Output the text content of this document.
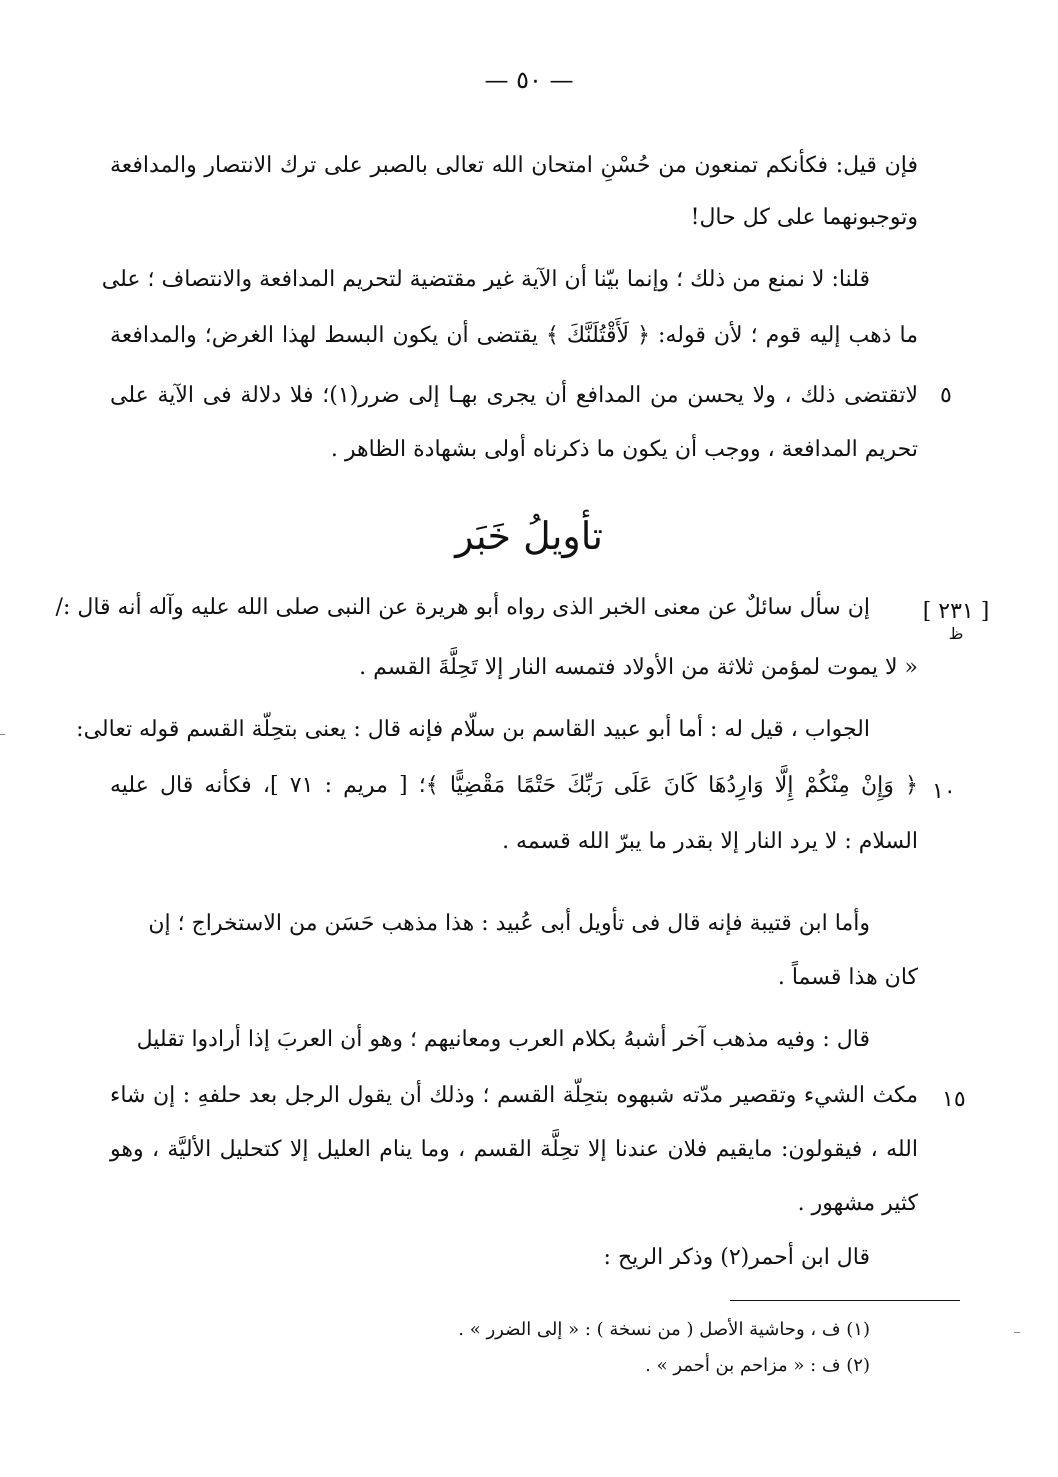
— ٥٠ —
فإن قيل: فكأنكم تمنعون من حُسْنِ امتحان الله تعالى بالصبر على ترك الانتصار والمدافعة
وتوجبونهما على كل حال!
قلنا: لا نمنع من ذلك ؛ وإنما بيّنا أن الآية غير مقتضية لتحريم المدافعة والانتصاف ؛ على
ما ذهب إليه قوم ؛ لأن قوله: ﴿ لَأَقْتُلَنَّكَ ﴾ يقتضى أن يكون البسط لهذا الغرض؛ والمدافعة
لاتقتضى ذلك ، ولا يحسن من المدافع أن يجرى بهـا إلى ضرر(١)؛ فلا دلالة فى الآية على ٥
تحريم المدافعة ، ووجب أن يكون ما ذكرناه أولى بشهادة الظاهر .
تأويلُ خَبَر
[ ٢٣١ ]
ظ
إن سأل سائلٌ عن معنى الخبر الذى رواه أبو هريرة عن النبى صلى الله عليه وآله أنه قال :/
« لا يموت لمؤمن ثلاثة من الأولاد فتمسه النار إلا تَحِلَّةَ القسم .
الجواب ، قيل له : أما أبو عبيد القاسم بن سلّام فإنه قال : يعنى بتحِلّة القسم قوله تعالى:
﴿ وَإِنْ مِنْكُمْ إِلَّا وَارِدُهَا كَانَ عَلَى رَبِّكَ حَتْمًا مَقْضِيًّا ﴾؛ [ مريم : ٧١ ]، فكأنه قال عليه ١٠
السلام : لا يرد النار إلا بقدر ما يبرّ الله قسمه .
وأما ابن قتيبة فإنه قال فى تأويل أبى عُبيد : هذا مذهب حَسَن من الاستخراج ؛ إن
كان هذا قسماً .
قال : وفيه مذهب آخر أشبهُ بكلام العرب ومعانيهم ؛ وهو أن العربَ إذا أرادوا تقليل
مكث الشيء وتقصير مدّته شبهوه بتحِلّة القسم ؛ وذلك أن يقول الرجل بعد حلفهِ : إن شاء ١٥
الله ، فيقولون: مايقيم فلان عندنا إلا تحِلَّة القسم ، وما ينام العليل إلا كتحليل الأليَّة ، وهو
كثير مشهور .
قال ابن أحمر(٢) وذكر الريح :
(١) ف ، وحاشية الأصل ( من نسخة ) : « إلى الضرر » .
(٢) ف : « مزاحم بن أحمر » .
